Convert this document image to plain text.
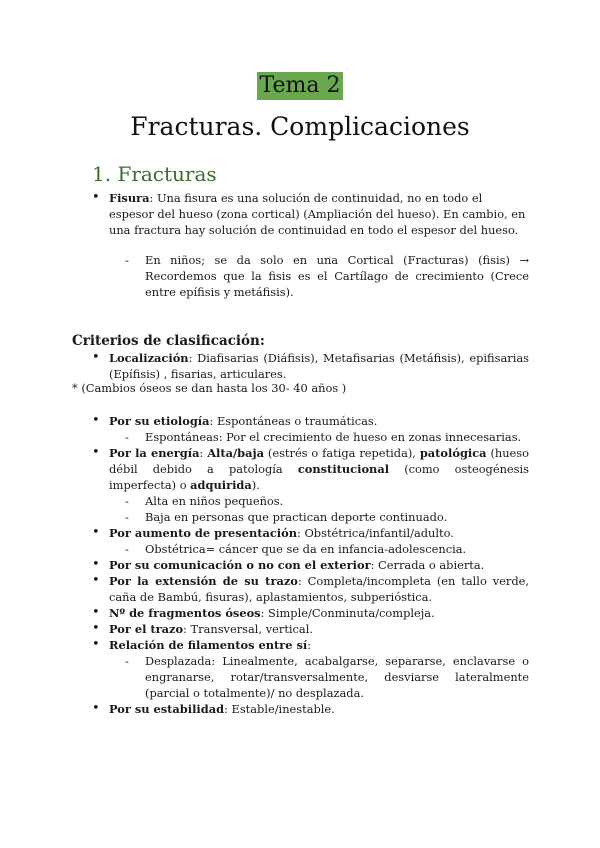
Tema 2
Fracturas. Complicaciones
1. Fracturas
• Fisura: Una fisura es una solución de continuidad, no en todo el espesor del hueso (zona cortical) (Ampliación del hueso). En cambio, en una fractura hay solución de continuidad en todo el espesor del hueso.
- En niños; se da solo en una Cortical (Fracturas) (fisis) → Recordemos que la fisis es el Cartílago de crecimiento (Crece entre epífisis y metáfisis).
Criterios de clasificación:
• Localización: Diafisarias (Diáfisis), Metafisarias (Metáfisis), epifisarias (Epífisis) , fisarias, articulares.
* (Cambios óseos se dan hasta los 30- 40 años )
• Por su etiología: Espontáneas o traumáticas.
- Espontáneas: Por el crecimiento de hueso en zonas innecesarias.
• Por la energía: Alta/baja (estrés o fatiga repetida), patológica (hueso débil debido a patología constitucional (como osteogénesis imperfecta) o adquirida).
- Alta en niños pequeños.
- Baja en personas que practican deporte continuado.
• Por aumento de presentación: Obstétrica/infantil/adulto.
- Obstétrica= cáncer que se da en infancia-adolescencia.
• Por su comunicación o no con el exterior: Cerrada o abierta.
• Por la extensión de su trazo: Completa/incompleta (en tallo verde, caña de Bambú, fisuras), aplastamientos, subperióstica.
• Nº de fragmentos óseos: Simple/Conminuta/compleja.
• Por el trazo: Transversal, vertical.
• Relación de filamentos entre sí:
- Desplazada: Linealmente, acabalgarse, separarse, enclavarse o engranarse, rotar/transversalmente, desviarse lateralmente (parcial o totalmente)/ no desplazada.
• Por su estabilidad: Estable/inestable.
